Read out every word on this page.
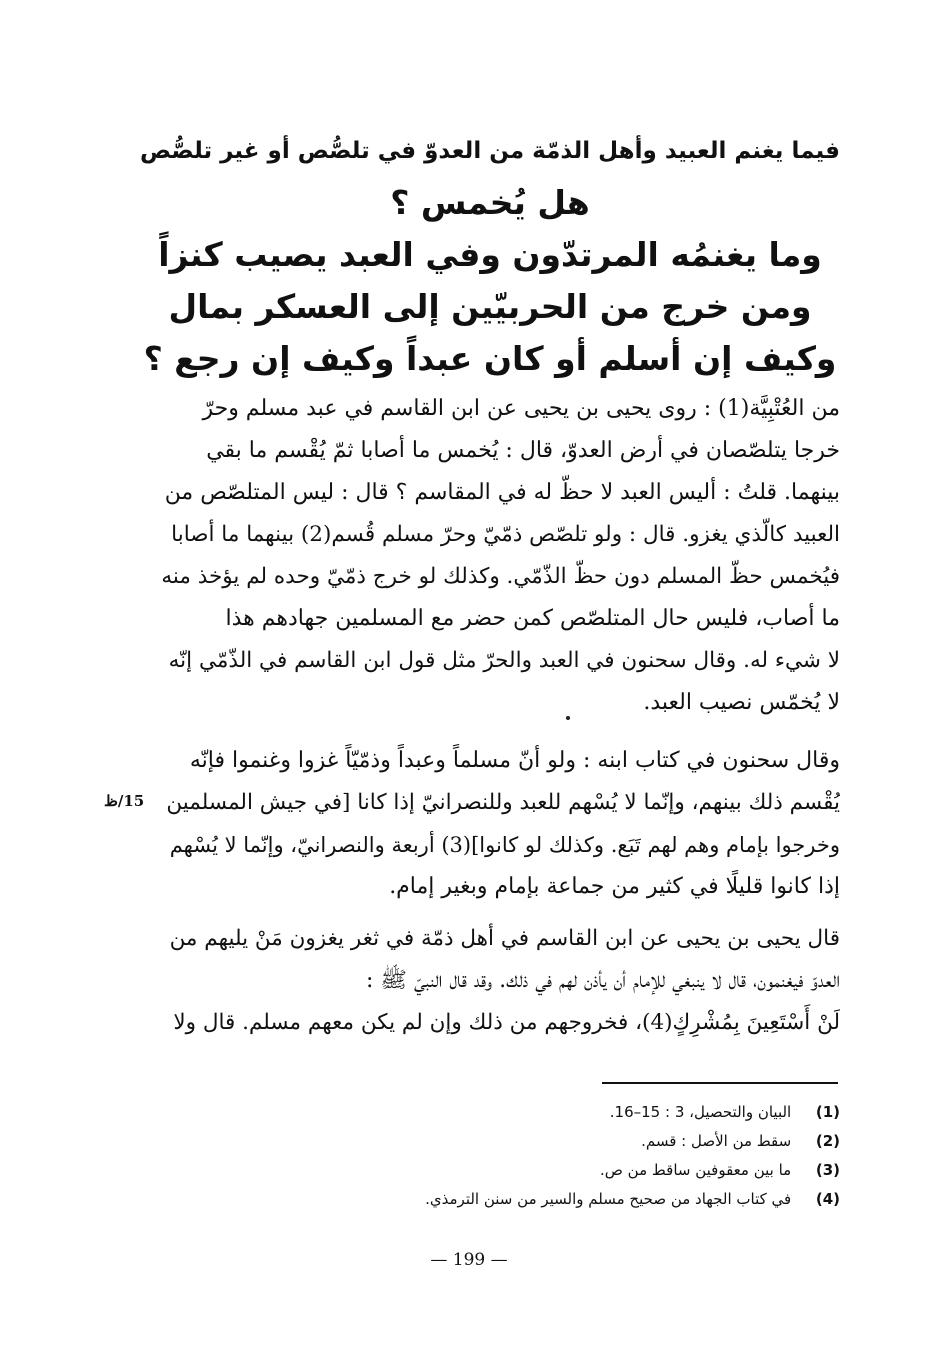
فيما يغنم العبيد وأهل الذمّة من العدوّ في تلصُّص أو غير تلصُّص
هل يُخمس ؟
وما يغنمُه المرتدّون وفي العبد يصيب كنزاً
ومن خرج من الحربيّين إلى العسكر بمال
وكيف إن أسلم أو كان عبداً وكيف إن رجع ؟
من العُتْبِيَّة(1) : روى يحيى بن يحيى عن ابن القاسم في عبد مسلم وحرّ
خرجا يتلصّصان في أرض العدوّ، قال : يُخمس ما أصابا ثمّ يُقْسم ما بقي
بينهما. قلتُ : أليس العبد لا حظّ له في المقاسم ؟ قال : ليس المتلصّص من
العبيد كالّذي يغزو. قال : ولو تلصّص ذمّيّ وحرّ مسلم قُسم(2) بينهما ما أصابا
فيُخمس حظّ المسلم دون حظّ الذّمّي. وكذلك لو خرج ذمّيّ وحده لم يؤخذ منه
ما أصاب، فليس حال المتلصّص كمن حضر مع المسلمين جهادهم هذا
لا شيء له. وقال سحنون في العبد والحرّ مثل قول ابن القاسم في الذّمّي إنّه
لا يُخمّس نصيب العبد.
وقال سحنون في كتاب ابنه : ولو أنّ مسلماً وعبداً وذمّيّاً غزوا وغنموا فإنّه
يُقْسم ذلك بينهم، وإنّما لا يُسْهم للعبد وللنصرانيّ إذا كانا [في جيش المسلمين
وخرجوا بإمام وهم لهم تَبَع. وكذلك لو كانوا](3) أربعة والنصرانيّ، وإنّما لا يُسْهم
إذا كانوا قليلًا في كثير من جماعة بإمام وبغير إمام.
15/ظ
قال يحيى بن يحيى عن ابن القاسم في أهل ذمّة في ثغر يغزون مَنْ يليهم من
العدوّ فيغنمون، قال لا ينبغي للإمام أن يأذن لهم في ذلك. وقد قال النبيّ ﷺ :
لَنْ أَسْتَعِينَ بِمُشْرِكٍ(4)، فخروجهم من ذلك وإن لم يكن معهم مسلم. قال ولا
(1) البيان والتحصيل، 3 : 15–16.
(2) سقط من الأصل : قسم.
(3) ما بين معقوفين ساقط من ص.
(4) في كتاب الجهاد من صحيح مسلم والسير من سنن الترمذي.
— 199 —
